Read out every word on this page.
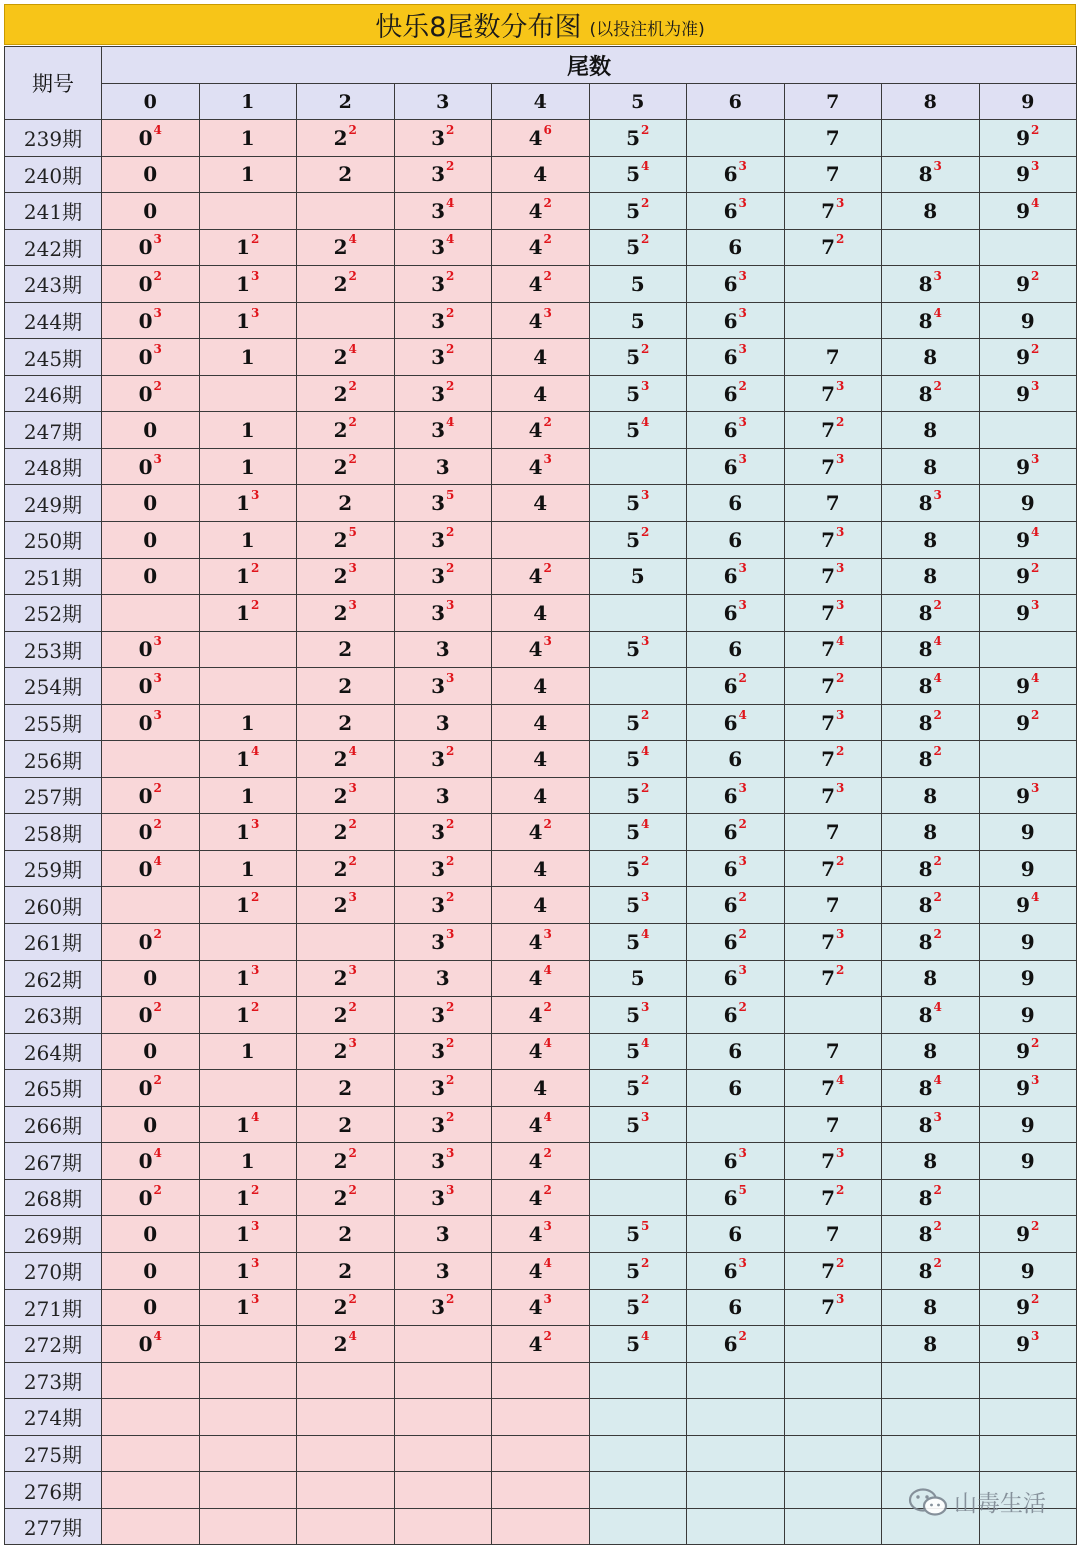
快乐8尾数分布图 (以投注机为准)
期号	尾数									
	0	1	2	3	4	5	6	7	8	9
239期	$0^4$	1	$2^2$	$3^2$	$4^6$	$5^2$		7		$9^2$
240期	0	1	2	$3^2$	4	$5^4$	$6^3$	7	$8^3$	$9^3$
241期	0			$3^4$	$4^2$	$5^2$	$6^3$	$7^3$	8	$9^4$
242期	$0^3$	$1^2$	$2^4$	$3^4$	$4^2$	$5^2$	6	$7^2$		
243期	$0^2$	$1^3$	$2^2$	$3^2$	$4^2$	5	$6^3$		$8^3$	$9^2$
244期	$0^3$	$1^3$		$3^2$	$4^3$	5	$6^3$		$8^4$	9
245期	$0^3$	1	$2^4$	$3^2$	4	$5^2$	$6^3$	7	8	$9^2$
246期	$0^2$		$2^2$	$3^2$	4	$5^3$	$6^2$	$7^3$	$8^2$	$9^3$
247期	0	1	$2^2$	$3^4$	$4^2$	$5^4$	$6^3$	$7^2$	8	
248期	$0^3$	1	$2^2$	3	$4^3$		$6^3$	$7^3$	8	$9^3$
249期	0	$1^3$	2	$3^5$	4	$5^3$	6	7	$8^3$	9
250期	0	1	$2^5$	$3^2$		$5^2$	6	$7^3$	8	$9^4$
251期	0	$1^2$	$2^3$	$3^2$	$4^2$	5	$6^3$	$7^3$	8	$9^2$
252期		$1^2$	$2^3$	$3^3$	4		$6^3$	$7^3$	$8^2$	$9^3$
253期	$0^3$		2	3	$4^3$	$5^3$	6	$7^4$	$8^4$	
254期	$0^3$		2	$3^3$	4		$6^2$	$7^2$	$8^4$	$9^4$
255期	$0^3$	1	2	3	4	$5^2$	$6^4$	$7^3$	$8^2$	$9^2$
256期		$1^4$	$2^4$	$3^2$	4	$5^4$	6	$7^2$	$8^2$	
257期	$0^2$	1	$2^3$	3	4	$5^2$	$6^3$	$7^3$	8	$9^3$
258期	$0^2$	$1^3$	$2^2$	$3^2$	$4^2$	$5^4$	$6^2$	7	8	9
259期	$0^4$	1	$2^2$	$3^2$	4	$5^2$	$6^3$	$7^2$	$8^2$	9
260期		$1^2$	$2^3$	$3^2$	4	$5^3$	$6^2$	7	$8^2$	$9^4$
261期	$0^2$			$3^3$	$4^3$	$5^4$	$6^2$	$7^3$	$8^2$	9
262期	0	$1^3$	$2^3$	3	$4^4$	5	$6^3$	$7^2$	8	9
263期	$0^2$	$1^2$	$2^2$	$3^2$	$4^2$	$5^3$	$6^2$		$8^4$	9
264期	0	1	$2^3$	$3^2$	$4^4$	$5^4$	6	7	8	$9^2$
265期	$0^2$		2	$3^2$	4	$5^2$	6	$7^4$	$8^4$	$9^3$
266期	0	$1^4$	2	$3^2$	$4^4$	$5^3$		7	$8^3$	9
267期	$0^4$	1	$2^2$	$3^3$	$4^2$		$6^3$	$7^3$	8	9
268期	$0^2$	$1^2$	$2^2$	$3^3$	$4^2$		$6^5$	$7^2$	$8^2$	
269期	0	$1^3$	2	3	$4^3$	$5^5$	6	7	$8^2$	$9^2$
270期	0	$1^3$	2	3	$4^4$	$5^2$	$6^3$	$7^2$	$8^2$	9
271期	0	$1^3$	$2^2$	$3^2$	$4^3$	$5^2$	6	$7^3$	8	$9^2$
272期	$0^4$		$2^4$		$4^2$	$5^4$	$6^2$		8	$9^3$
273期										
274期										
275期										
276期										
277期										
山毒生活
